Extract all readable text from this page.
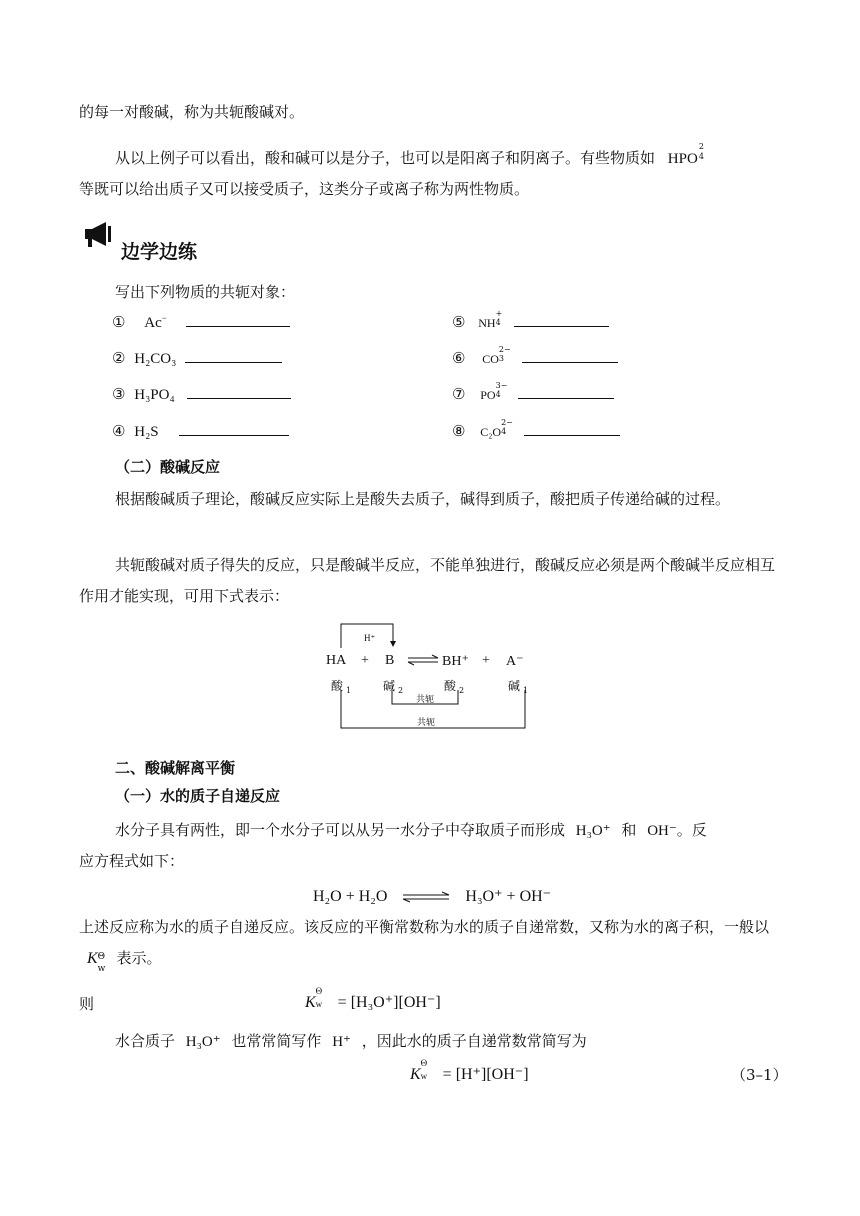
的每一对酸碱，称为共轭酸碱对。
从以上例子可以看出，酸和碱可以是分子，也可以是阳离子和阴离子。有些物质如 HPO
2
4
等既可以给出质子又可以接受质子，这类分子或离子称为两性物质。
边学边练
写出下列物质的共轭对象：
① Ac−
② H₂CO₃
③ H₃PO₄
④ H₂S
⑤ NH
+
4

⑥ CO
2−
3

⑦ PO
3−
4

⑧ C₂O
2−
4

（二）酸碱反应
根据酸碱质子理论，酸碱反应实际上是酸失去质子，碱得到质子，酸把质子传递给碱的过程。
共轭酸碱对质子得失的反应，只是酸碱半反应，不能单独进行，酸碱反应必须是两个酸碱半反应相互作用才能实现，可用下式表示：
H⁺
HA + B	BH⁺ + A⁻
酸 $_1$	碱 $_2$	酸 $_2$	碱 $_1$
共轭
共轭
二、酸碱解离平衡
（一）水的质子自递反应
水分子具有两性，即一个水分子可以从另一水分子中夺取质子而形成 H₃O⁺ 和 OH⁻。反
应方程式如下：
H₂O + H₂O ⇌ H₃O⁺ + OH⁻
上述反应称为水的质子自递反应。该反应的平衡常数称为水的质子自递常数，又称为水的离子积，一般以 K Θ
w
表示。
则	K
Θ
w = [H₃O⁺][OH⁻]
水合质子 H₃O⁺ 也常常简写作 H⁺ ，因此水的质子自递常数常简写为
K
Θ
w = [H⁺][OH⁻]	（3–1）
